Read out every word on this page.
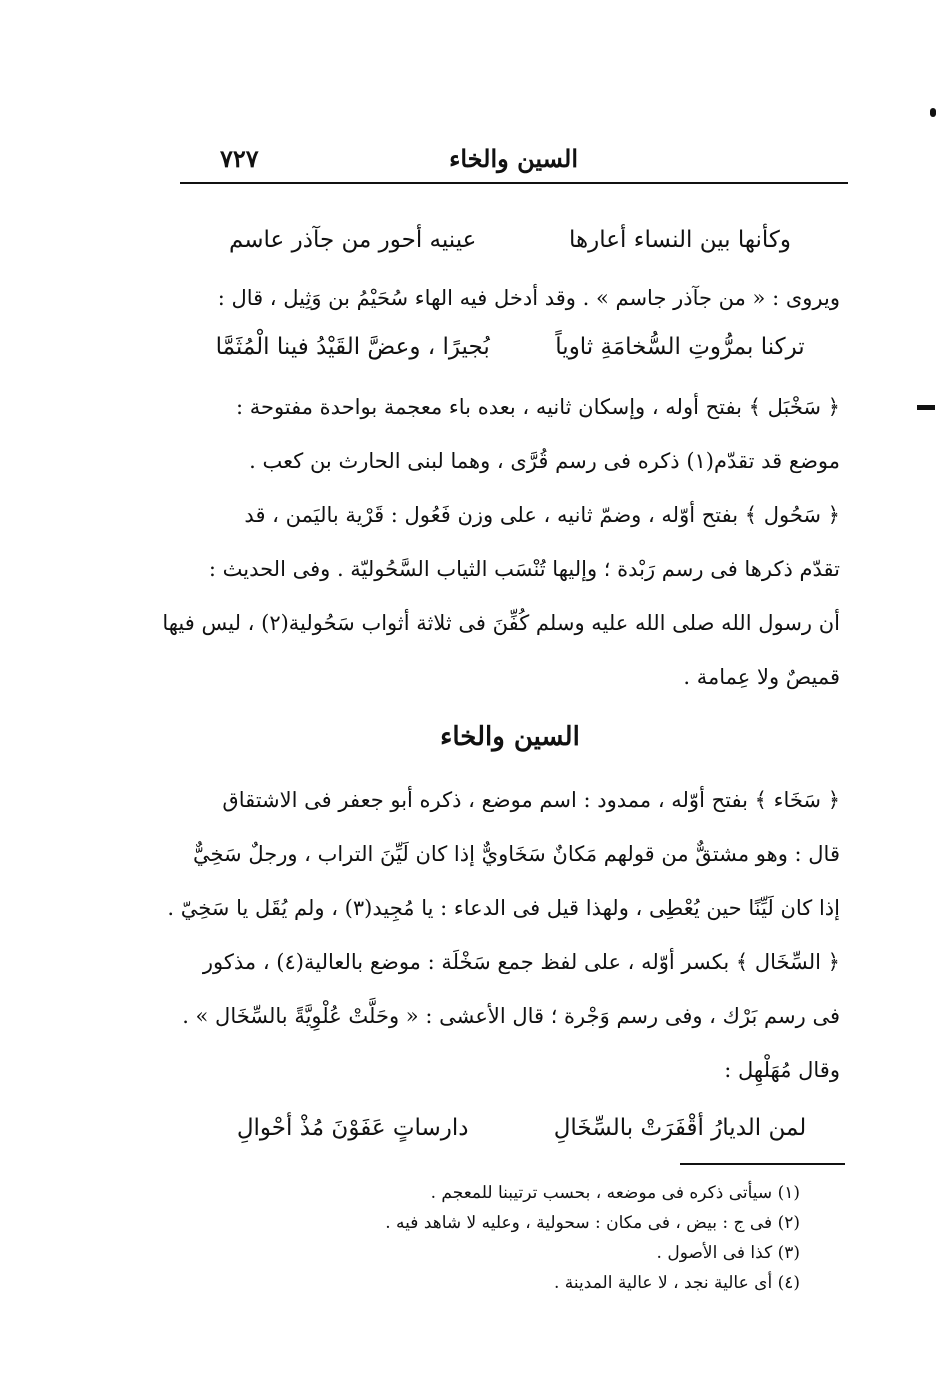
السين والخاء
٧٢٧
وكأنها بين النساء أعارها عينيه أحور من جآذر عاسم
ويروى : « من جآذر جاسم » . وقد أدخل فيه الهاء سُحَيْمُ بن وَثِيل ، قال :
تركنا بمرُّوتِ السُّخامَةِ ثاوياً بُجيرًا ، وعضَّ القَيْدُ فينا الْمُثَمَّا
﴿ سَخْبَل ﴾ بفتح أوله ، وإسكان ثانيه ، بعده باء معجمة بواحدة مفتوحة :
موضع قد تقدّم(١) ذكره فى رسم قُرَّى ، وهما لبنى الحارث بن كعب .
﴿ سَحُول ﴾ بفتح أوّله ، وضمّ ثانيه ، على وزن فَعُول : قَرْية باليَمن ، قد
تقدّم ذكرها فى رسم رَبْدة ؛ وإليها تُنْسَب الثياب السَّحُوليّة . وفى الحديث :
أن رسول الله صلى الله عليه وسلم كُفِّنَ فى ثلاثة أثواب سَحُولية(٢) ، ليس فيها
قميصٌ ولا عِمامة .
السين والخاء
﴿ سَخَاء ﴾ بفتح أوّله ، ممدود : اسم موضع ، ذكره أبو جعفر فى الاشتقاق
قال : وهو مشتقٌّ من قولهم مَكانٌ سَخَاويٌّ إذا كان لَيِّنَ التراب ، ورجلٌ سَخِيٌّ
إذا كان لَيِّنًا حين يُعْطِى ، ولهذا قيل فى الدعاء : يا مُجِيد(٣) ، ولم يُقَل يا سَخِيّ .
﴿ السِّخَال ﴾ بكسر أوّله ، على لفظ جمع سَخْلَة : موضع بالعالية(٤) ، مذكور
فى رسم بَرْك ، وفى رسم وَجْرة ؛ قال الأعشى : « وحَلَّتْ عُلْوِيَّةً بالسِّخَال » .
وقال مُهَلْهِل :
لمن الديارُ أقْفَرَتْ بالسِّخَالِ دارساتٍ عَفَوْنَ مُذْ أحْوالِ
(١) سيأتى ذكره فى موضعه ، بحسب ترتيبنا للمعجم .
(٢) فى ج : بيض ، فى مكان : سحولية ، وعليه لا شاهد فيه .
(٣) كذا فى الأصول .
(٤) أى عالية نجد ، لا عالية المدينة .
